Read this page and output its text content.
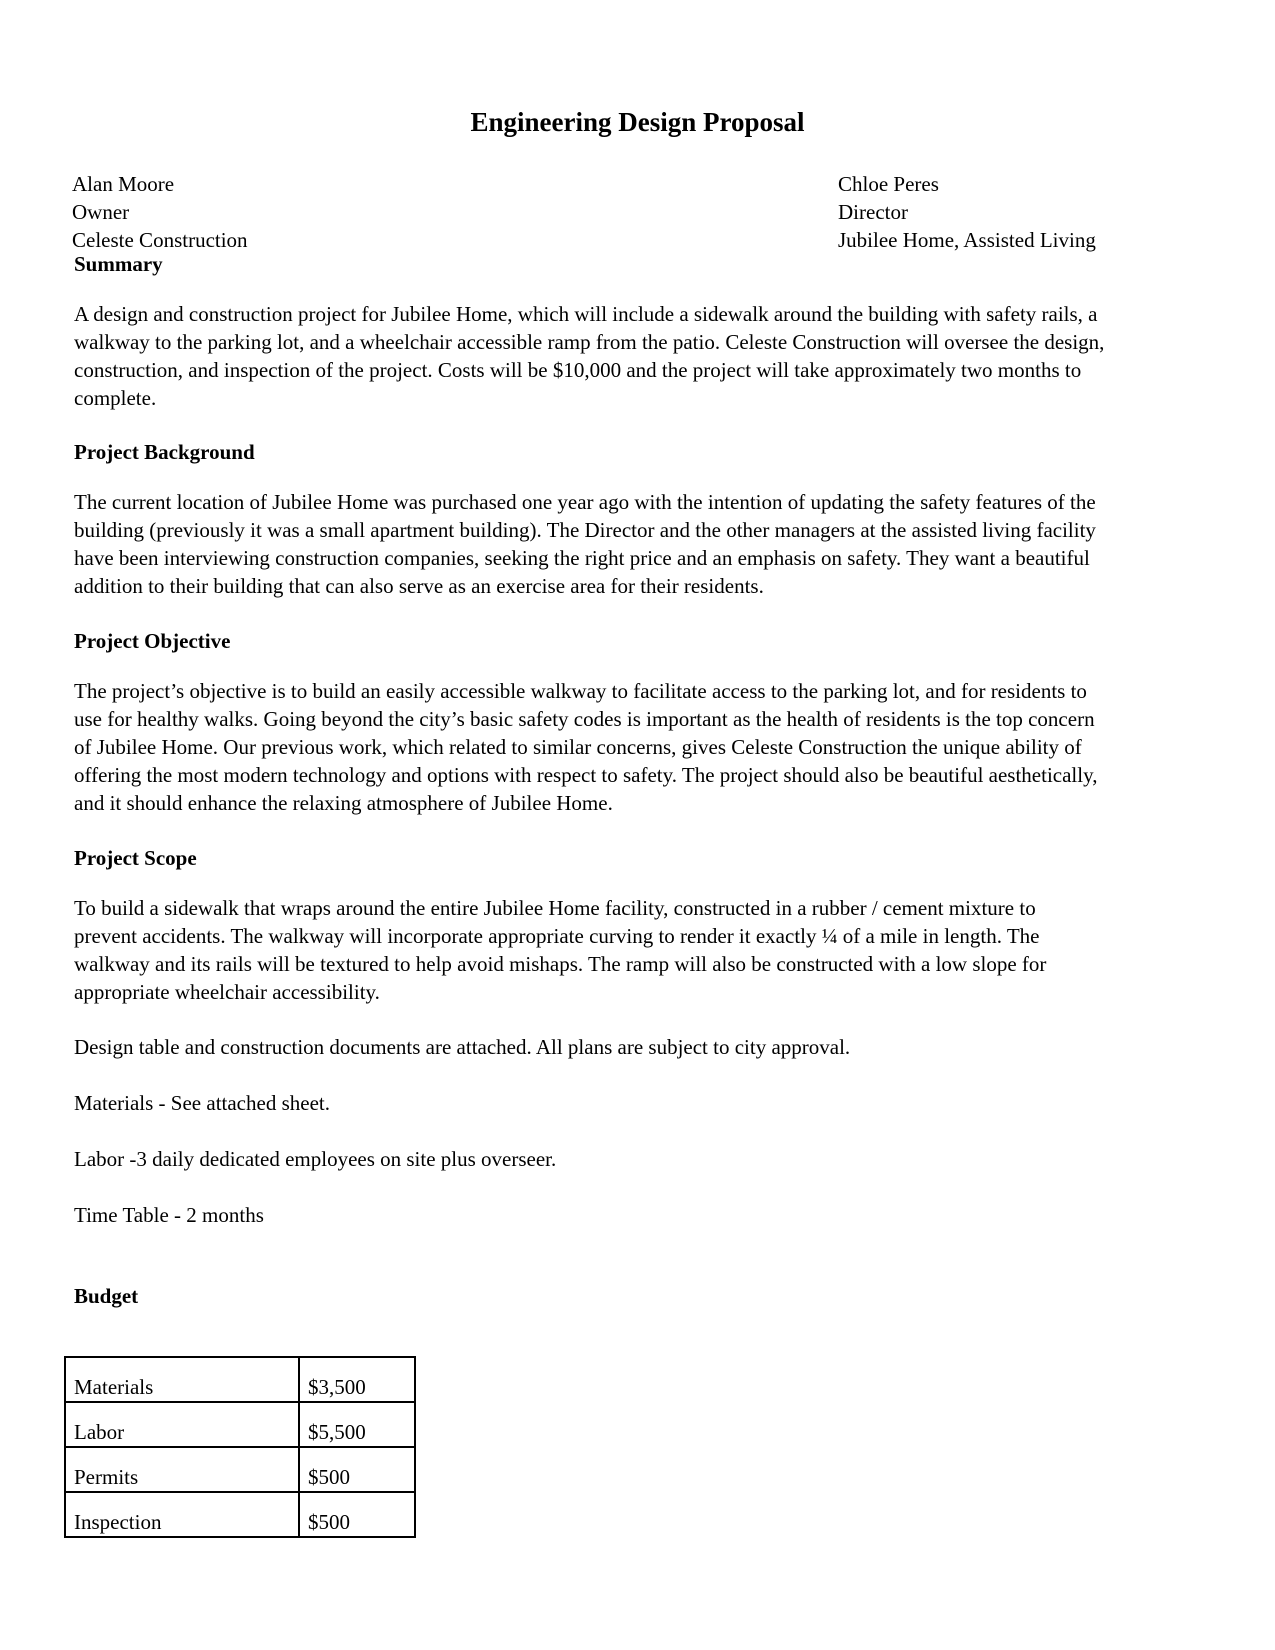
Engineering Design Proposal
Alan Moore
Owner
Celeste Construction
Chloe Peres
Director
Jubilee Home, Assisted Living
Summary
A design and construction project for Jubilee Home, which will include a sidewalk around the building with safety rails, a
walkway to the parking lot, and a wheelchair accessible ramp from the patio. Celeste Construction will oversee the design,
construction, and inspection of the project. Costs will be $10,000 and the project will take approximately two months to
complete.
Project Background
The current location of Jubilee Home was purchased one year ago with the intention of updating the safety features of the
building (previously it was a small apartment building). The Director and the other managers at the assisted living facility
have been interviewing construction companies, seeking the right price and an emphasis on safety. They want a beautiful
addition to their building that can also serve as an exercise area for their residents.
Project Objective
The project’s objective is to build an easily accessible walkway to facilitate access to the parking lot, and for residents to
use for healthy walks. Going beyond the city’s basic safety codes is important as the health of residents is the top concern
of Jubilee Home. Our previous work, which related to similar concerns, gives Celeste Construction the unique ability of
offering the most modern technology and options with respect to safety. The project should also be beautiful aesthetically,
and it should enhance the relaxing atmosphere of Jubilee Home.
Project Scope
To build a sidewalk that wraps around the entire Jubilee Home facility, constructed in a rubber / cement mixture to
prevent accidents. The walkway will incorporate appropriate curving to render it exactly ¼ of a mile in length. The
walkway and its rails will be textured to help avoid mishaps. The ramp will also be constructed with a low slope for
appropriate wheelchair accessibility.
Design table and construction documents are attached. All plans are subject to city approval.
Materials - See attached sheet.
Labor -3 daily dedicated employees on site plus overseer.
Time Table - 2 months
Budget
Materials	$3,500
Labor	$5,500
Permits	$500
Inspection	$500
